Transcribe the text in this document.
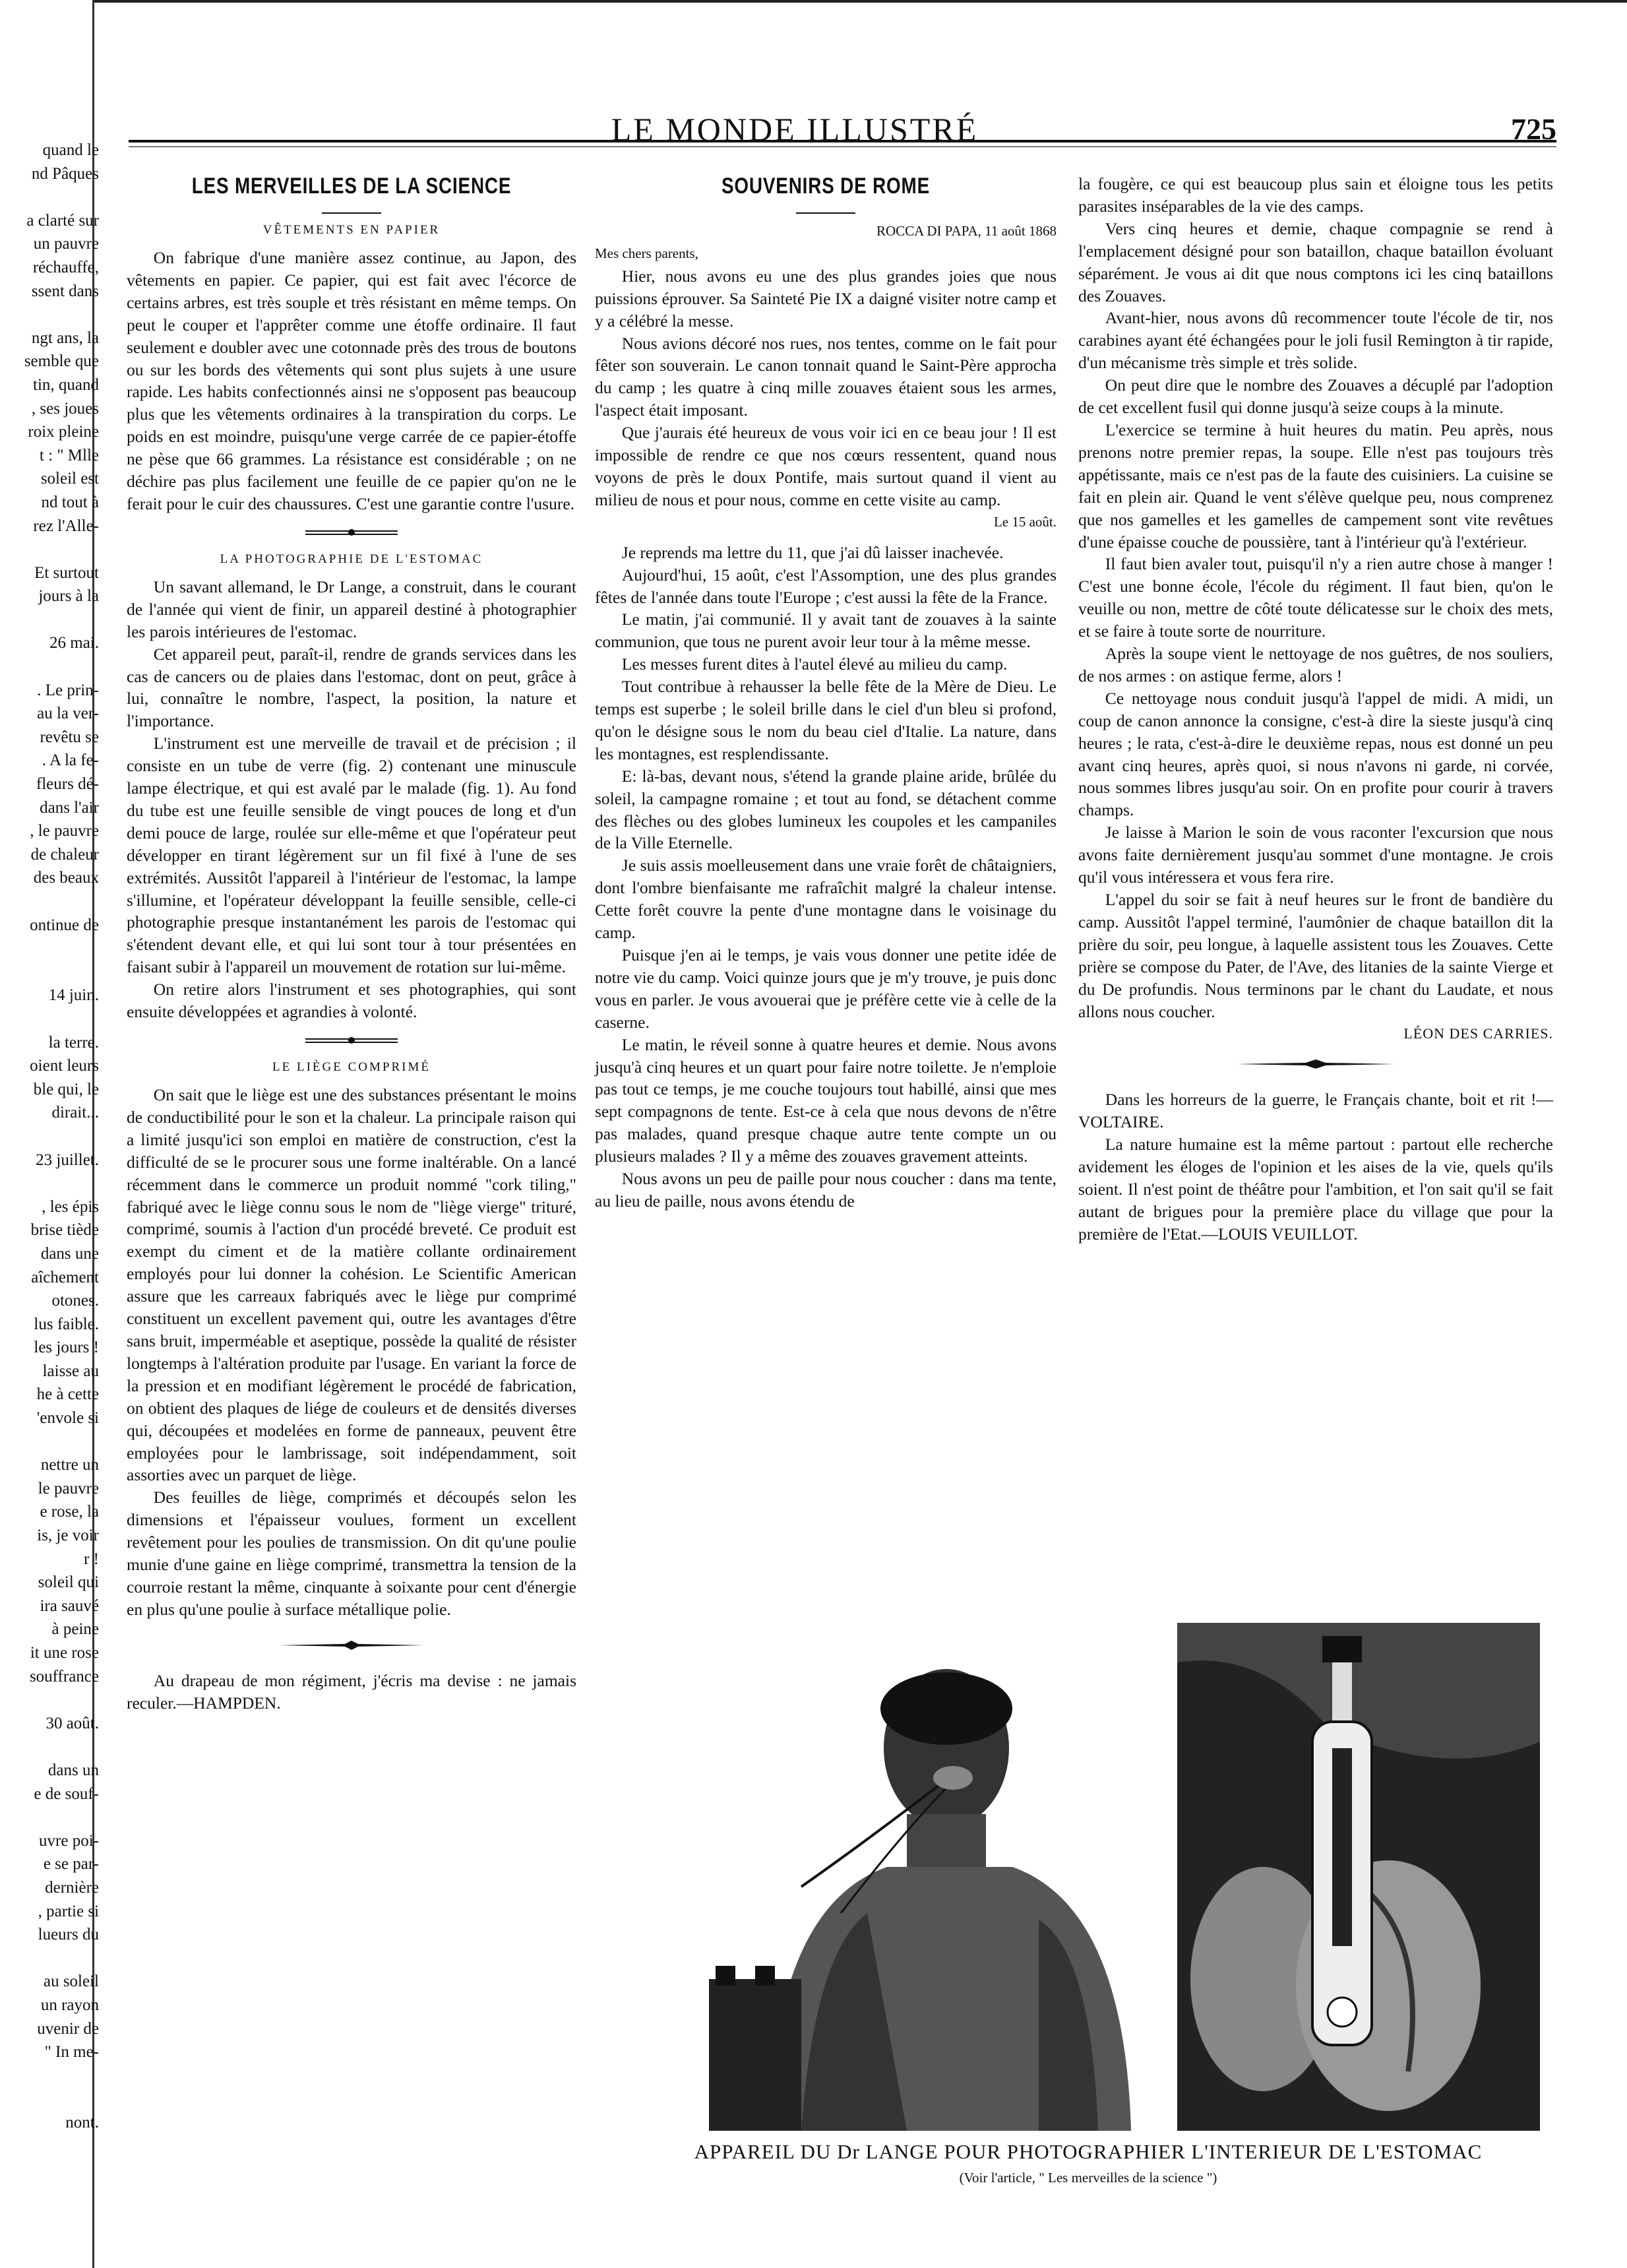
LE MONDE ILLUSTRÉ	725
quand le
nd Pâques

a clarté sur
un pauvre
réchauffe,
ssent dans

ngt ans, la
semble que
tin, quand
, ses joues
roix pleine
t : " Mlle
soleil est
nd tout à
rez l'Alle-

Et surtout
jours à la

26 mai.

. Le prin-
au la ver-
revêtu se
. A la fe-
fleurs dé-
dans l'air
, le pauvre
de chaleur
des beaux

ontinue de

14 juin.

la terre.
oient leurs
ble qui, le
dirait...

23 juillet.

, les épis
brise tiède
dans une
aîchement
otones.
lus faible.
les jours !
laisse au
he à cette
'envole si

nettre un
le pauvre
e rose, la
is, je voir
r !
soleil qui
ira sauvé
à peine
it une rose
souffrance

30 août.

dans un
e de souf-

uvre poi-
e se par-
dernière
, partie si
lueurs du

au soleil
un rayon
uvenir de
" In me-

nont.
LES MERVEILLES DE LA SCIENCE
VÊTEMENTS EN PAPIER

On fabrique d'une manière assez continue, au Japon, des vêtements en papier. Ce papier, qui est fait avec l'écorce de certains arbres, est très souple et très résistant en même temps. On peut le couper et l'apprêter comme une étoffe ordinaire. Il faut seulement e doubler avec une cotonnade près des trous de boutons ou sur les bords des vêtements qui sont plus sujets à une usure rapide. Les habits confectionnés ainsi ne s'opposent pas beaucoup plus que les vêtements ordinaires à la transpiration du corps. Le poids en est moindre, puisqu'une verge carrée de ce papier-étoffe ne pèse que 66 grammes. La résistance est considérable ; on ne déchire pas plus facilement une feuille de ce papier qu'on ne le ferait pour le cuir des chaussures. C'est une garantie contre l'usure.

LA PHOTOGRAPHIE DE L'ESTOMAC

Un savant allemand, le Dr Lange, a construit, dans le courant de l'année qui vient de finir, un appareil destiné à photographier les parois intérieures de l'estomac.

Cet appareil peut, paraît-il, rendre de grands services dans les cas de cancers ou de plaies dans l'estomac, dont on peut, grâce à lui, connaître le nombre, l'aspect, la position, la nature et l'importance.

L'instrument est une merveille de travail et de précision ; il consiste en un tube de verre (fig. 2) contenant une minuscule lampe électrique, et qui est avalé par le malade (fig. 1). Au fond du tube est une feuille sensible de vingt pouces de long et d'un demi pouce de large, roulée sur elle-même et que l'opérateur peut développer en tirant légèrement sur un fil fixé à l'une de ses extrémités. Aussitôt l'appareil à l'intérieur de l'estomac, la lampe s'illumine, et l'opérateur développant la feuille sensible, celle-ci photographie presque instantanément les parois de l'estomac qui s'étendent devant elle, et qui lui sont tour à tour présentées en faisant subir à l'appareil un mouvement de rotation sur lui-même.

On retire alors l'instrument et ses photographies, qui sont ensuite développées et agrandies à volonté.

LE LIÈGE COMPRIMÉ

On sait que le liège est une des substances présentant le moins de conductibilité pour le son et la chaleur. La principale raison qui a limité jusqu'ici son emploi en matière de construction, c'est la difficulté de se le procurer sous une forme inaltérable. On a lancé récemment dans le commerce un produit nommé "cork tiling," fabriqué avec le liège connu sous le nom de "liège vierge" trituré, comprimé, soumis à l'action d'un procédé breveté. Ce produit est exempt du ciment et de la matière collante ordinairement employés pour lui donner la cohésion. Le Scientific American assure que les carreaux fabriqués avec le liège pur comprimé constituent un excellent pavement qui, outre les avantages d'être sans bruit, imperméable et aseptique, possède la qualité de résister longtemps à l'altération produite par l'usage. En variant la force de la pression et en modifiant légèrement le procédé de fabrication, on obtient des plaques de liége de couleurs et de densités diverses qui, découpées et modelées en forme de panneaux, peuvent être employées pour le lambrissage, soit indépendamment, soit assorties avec un parquet de liège.

Des feuilles de liège, comprimés et découpés selon les dimensions et l'épaisseur voulues, forment un excellent revêtement pour les poulies de transmission. On dit qu'une poulie munie d'une gaine en liège comprimé, transmettra la tension de la courroie restant la même, cinquante à soixante pour cent d'énergie en plus qu'une poulie à surface métallique polie.

Au drapeau de mon régiment, j'écris ma devise : ne jamais reculer.—HAMPDEN.

SOUVENIRS DE ROME

ROCCA DI PAPA, 11 août 1868

Mes chers parents,

Hier, nous avons eu une des plus grandes joies que nous puissions éprouver. Sa Sainteté Pie IX a daigné visiter notre camp et y a célébré la messe.

Nous avions décoré nos rues, nos tentes, comme on le fait pour fêter son souverain. Le canon tonnait quand le Saint-Père approcha du camp ; les quatre à cinq mille zouaves étaient sous les armes, l'aspect était imposant.

Que j'aurais été heureux de vous voir ici en ce beau jour ! Il est impossible de rendre ce que nos cœurs ressentent, quand nous voyons de près le doux Pontife, mais surtout quand il vient au milieu de nous et pour nous, comme en cette visite au camp.

Le 15 août.

Je reprends ma lettre du 11, que j'ai dû laisser inachevée.

Aujourd'hui, 15 août, c'est l'Assomption, une des plus grandes fêtes de l'année dans toute l'Europe ; c'est aussi la fête de la France.

Le matin, j'ai communié. Il y avait tant de zouaves à la sainte communion, que tous ne purent avoir leur tour à la même messe.

Les messes furent dites à l'autel élevé au milieu du camp.

Tout contribue à rehausser la belle fête de la Mère de Dieu. Le temps est superbe ; le soleil brille dans le ciel d'un bleu si profond, qu'on le désigne sous le nom du beau ciel d'Italie. La nature, dans les montagnes, est resplendissante.

E: là-bas, devant nous, s'étend la grande plaine aride, brûlée du soleil, la campagne romaine ; et tout au fond, se détachent comme des flèches ou des globes lumineux les coupoles et les campaniles de la Ville Eternelle.

Je suis assis moelleusement dans une vraie forêt de châtaigniers, dont l'ombre bienfaisante me rafraîchit malgré la chaleur intense. Cette forêt couvre la pente d'une montagne dans le voisinage du camp.

Puisque j'en ai le temps, je vais vous donner une petite idée de notre vie du camp. Voici quinze jours que je m'y trouve, je puis donc vous en parler. Je vous avouerai que je préfère cette vie à celle de la caserne.

Le matin, le réveil sonne à quatre heures et demie. Nous avons jusqu'à cinq heures et un quart pour faire notre toilette. Je n'emploie pas tout ce temps, je me couche toujours tout habillé, ainsi que mes sept compagnons de tente. Est-ce à cela que nous devons de n'être pas malades, quand presque chaque autre tente compte un ou plusieurs malades ? Il y a même des zouaves gravement atteints.

Nous avons un peu de paille pour nous coucher : dans ma tente, au lieu de paille, nous avons étendu de

la fougère, ce qui est beaucoup plus sain et éloigne tous les petits parasites inséparables de la vie des camps.

Vers cinq heures et demie, chaque compagnie se rend à l'emplacement désigné pour son bataillon, chaque bataillon évoluant séparément. Je vous ai dit que nous comptons ici les cinq bataillons des Zouaves.

Avant-hier, nous avons dû recommencer toute l'école de tir, nos carabines ayant été échangées pour le joli fusil Remington à tir rapide, d'un mécanisme très simple et très solide.

On peut dire que le nombre des Zouaves a décuplé par l'adoption de cet excellent fusil qui donne jusqu'à seize coups à la minute.

L'exercice se termine à huit heures du matin. Peu après, nous prenons notre premier repas, la soupe. Elle n'est pas toujours très appétissante, mais ce n'est pas de la faute des cuisiniers. La cuisine se fait en plein air. Quand le vent s'élève quelque peu, nous comprenez que nos gamelles et les gamelles de campement sont vite revêtues d'une épaisse couche de poussière, tant à l'intérieur qu'à l'extérieur.

Il faut bien avaler tout, puisqu'il n'y a rien autre chose à manger ! C'est une bonne école, l'école du régiment. Il faut bien, qu'on le veuille ou non, mettre de côté toute délicatesse sur le choix des mets, et se faire à toute sorte de nourriture.

Après la soupe vient le nettoyage de nos guêtres, de nos souliers, de nos armes : on astique ferme, alors !

Ce nettoyage nous conduit jusqu'à l'appel de midi. A midi, un coup de canon annonce la consigne, c'est-à dire la sieste jusqu'à cinq heures ; le rata, c'est-à-dire le deuxième repas, nous est donné un peu avant cinq heures, après quoi, si nous n'avons ni garde, ni corvée, nous sommes libres jusqu'au soir. On en profite pour courir à travers champs.

Je laisse à Marion le soin de vous raconter l'excursion que nous avons faite dernièrement jusqu'au sommet d'une montagne. Je crois qu'il vous intéressera et vous fera rire.

L'appel du soir se fait à neuf heures sur le front de bandière du camp. Aussitôt l'appel terminé, l'aumônier de chaque bataillon dit la prière du soir, peu longue, à laquelle assistent tous les Zouaves. Cette prière se compose du Pater, de l'Ave, des litanies de la sainte Vierge et du De profundis. Nous terminons par le chant du Laudate, et nous allons nous coucher.

LÉON DES CARRIES.

Dans les horreurs de la guerre, le Français chante, boit et rit !—VOLTAIRE.

La nature humaine est la même partout : partout elle recherche avidement les éloges de l'opinion et les aises de la vie, quels qu'ils soient. Il n'est point de théâtre pour l'ambition, et l'on sait qu'il se fait autant de brigues pour la première place du village que pour la première de l'Etat.—LOUIS VEUILLOT.

APPAREIL DU Dr LANGE POUR PHOTOGRAPHIER L'INTERIEUR DE L'ESTOMAC
(Voir l'article, " Les merveilles de la science ")
